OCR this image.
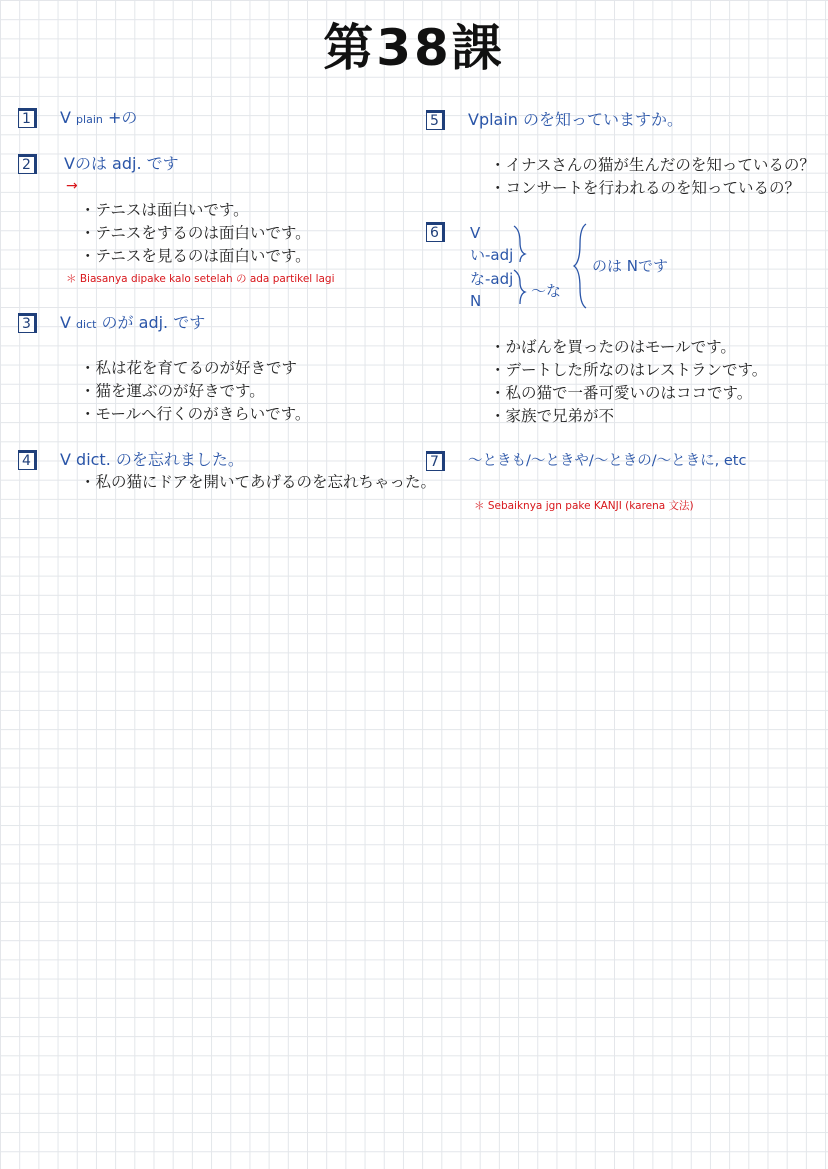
第38課
1	V plain +の
2	Vのは adj. です
→
・テニスは面白いです。
・テニスをするのは面白いです。
・テニスを見るのは面白いです。
＊ Biasanya dipake kalo setelah の ada partikel lagi
3	V dict のが adj. です
・私は花を育てるのが好きです
・猫を運ぶのが好きです。
・モールへ行くのがきらいです。
4	V dict. のを忘れました。
・私の猫にドアを開いてあげるのを忘れちゃった。
5	Vplain のを知っていますか。
・イナスさんの猫が生んだのを知っているの？
・コンサートを行われるのを知っているの？
6	V
い-adj
な-adj
N
～な
のは Nです
・かばんを買ったのはモールです。
・デートした所なのはレストランです。
・私の猫で一番可愛いのはココです。
・家族で兄弟が不
7	～ときも/～ときや/～ときの/～ときに, etc
＊ Sebaiknya jgn pake KANJI (karena 文法)
